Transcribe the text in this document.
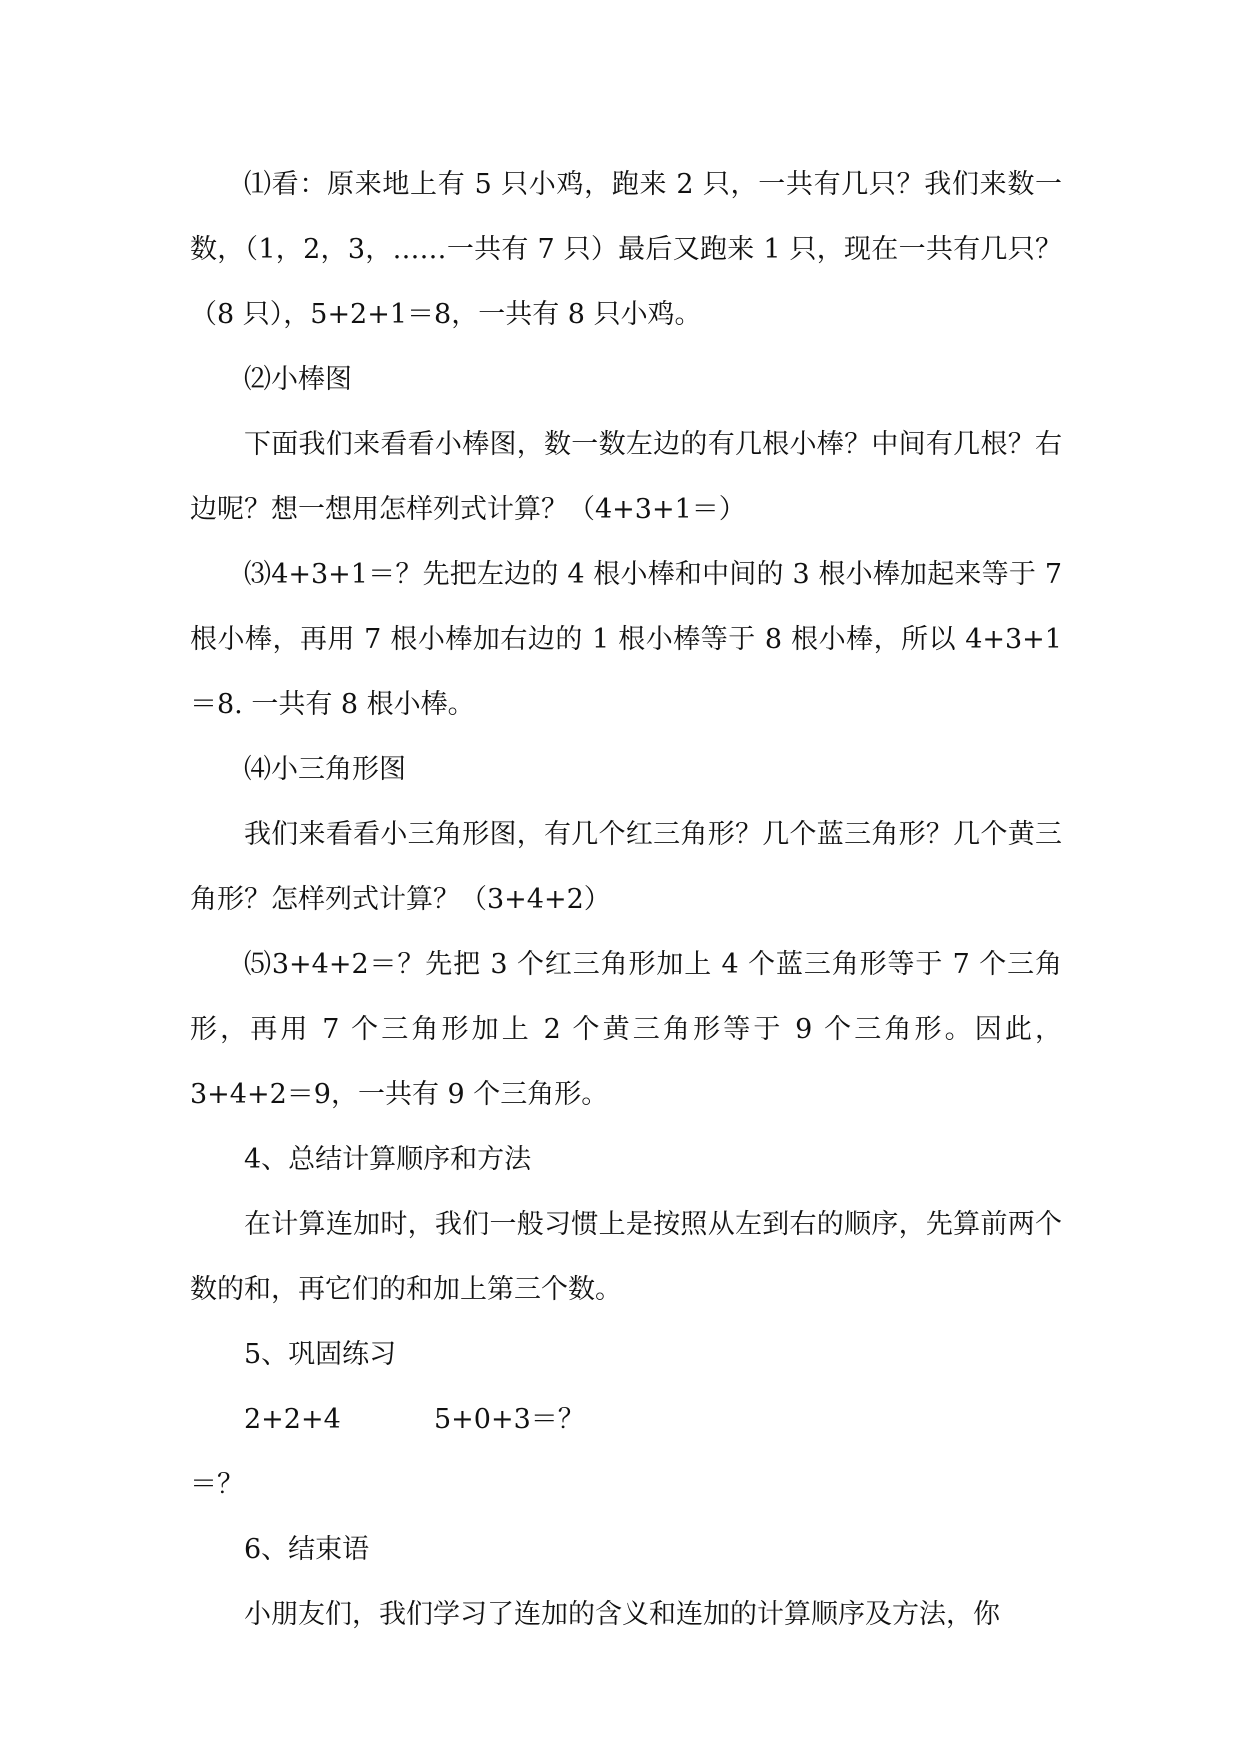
⑴看：原来地上有 5 只小鸡，跑来 2 只，一共有几只？我们来数一数，（1，2，3，……一共有 7 只）最后又跑来 1 只，现在一共有几只？（8 只），5+2+1＝8，一共有 8 只小鸡。

⑵小棒图

下面我们来看看小棒图，数一数左边的有几根小棒？中间有几根？右边呢？想一想用怎样列式计算？（4+3+1＝）

⑶4+3+1＝？先把左边的 4 根小棒和中间的 3 根小棒加起来等于 7 根小棒，再用 7 根小棒加右边的 1 根小棒等于 8 根小棒，所以 4+3+1＝8. 一共有 8 根小棒。

⑷小三角形图

我们来看看小三角形图，有几个红三角形？几个蓝三角形？几个黄三角形？怎样列式计算？（3+4+2）

⑸3+4+2＝？先把 3 个红三角形加上 4 个蓝三角形等于 7 个三角形，再用 7 个三角形加上 2 个黄三角形等于 9 个三角形。因此，3+4+2＝9，一共有 9 个三角形。

4、总结计算顺序和方法

在计算连加时，我们一般习惯上是按照从左到右的顺序，先算前两个数的和，再它们的和加上第三个数。

5、巩固练习

2+2+4＝？
5+0+3＝？

6、结束语

小朋友们，我们学习了连加的含义和连加的计算顺序及方法，你
